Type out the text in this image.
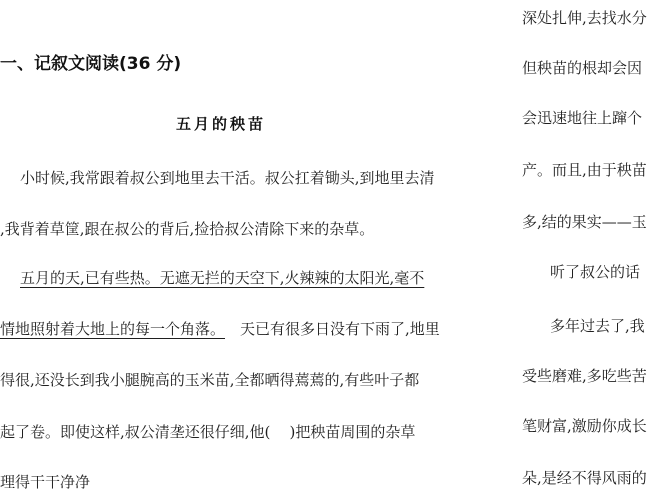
一、记叙文阅读(36 分)
五月的秧苗
小时候,我常跟着叔公到地里去干活。叔公扛着锄头,到地里去清
,我背着草筐,跟在叔公的背后,捡拾叔公清除下来的杂草。
五月的天,已有些热。无遮无拦的天空下,火辣辣的太阳光,毫不
情地照射着大地上的每一个角落。 天已有很多日没有下雨了,地里
得很,还没长到我小腿腕高的玉米苗,全都晒得蔫蔫的,有些叶子都
起了卷。即使这样,叔公清垄还很仔细,他(    )把秧苗周围的杂草
理得干干净净
深处扎伸,去找水分
但秧苗的根却会因
会迅速地往上蹿个
产。而且,由于秧苗
多,结的果实——玉
听了叔公的话
多年过去了,我
受些磨难,多吃些苦
笔财富,激励你成长
朵,是经不得风雨的
